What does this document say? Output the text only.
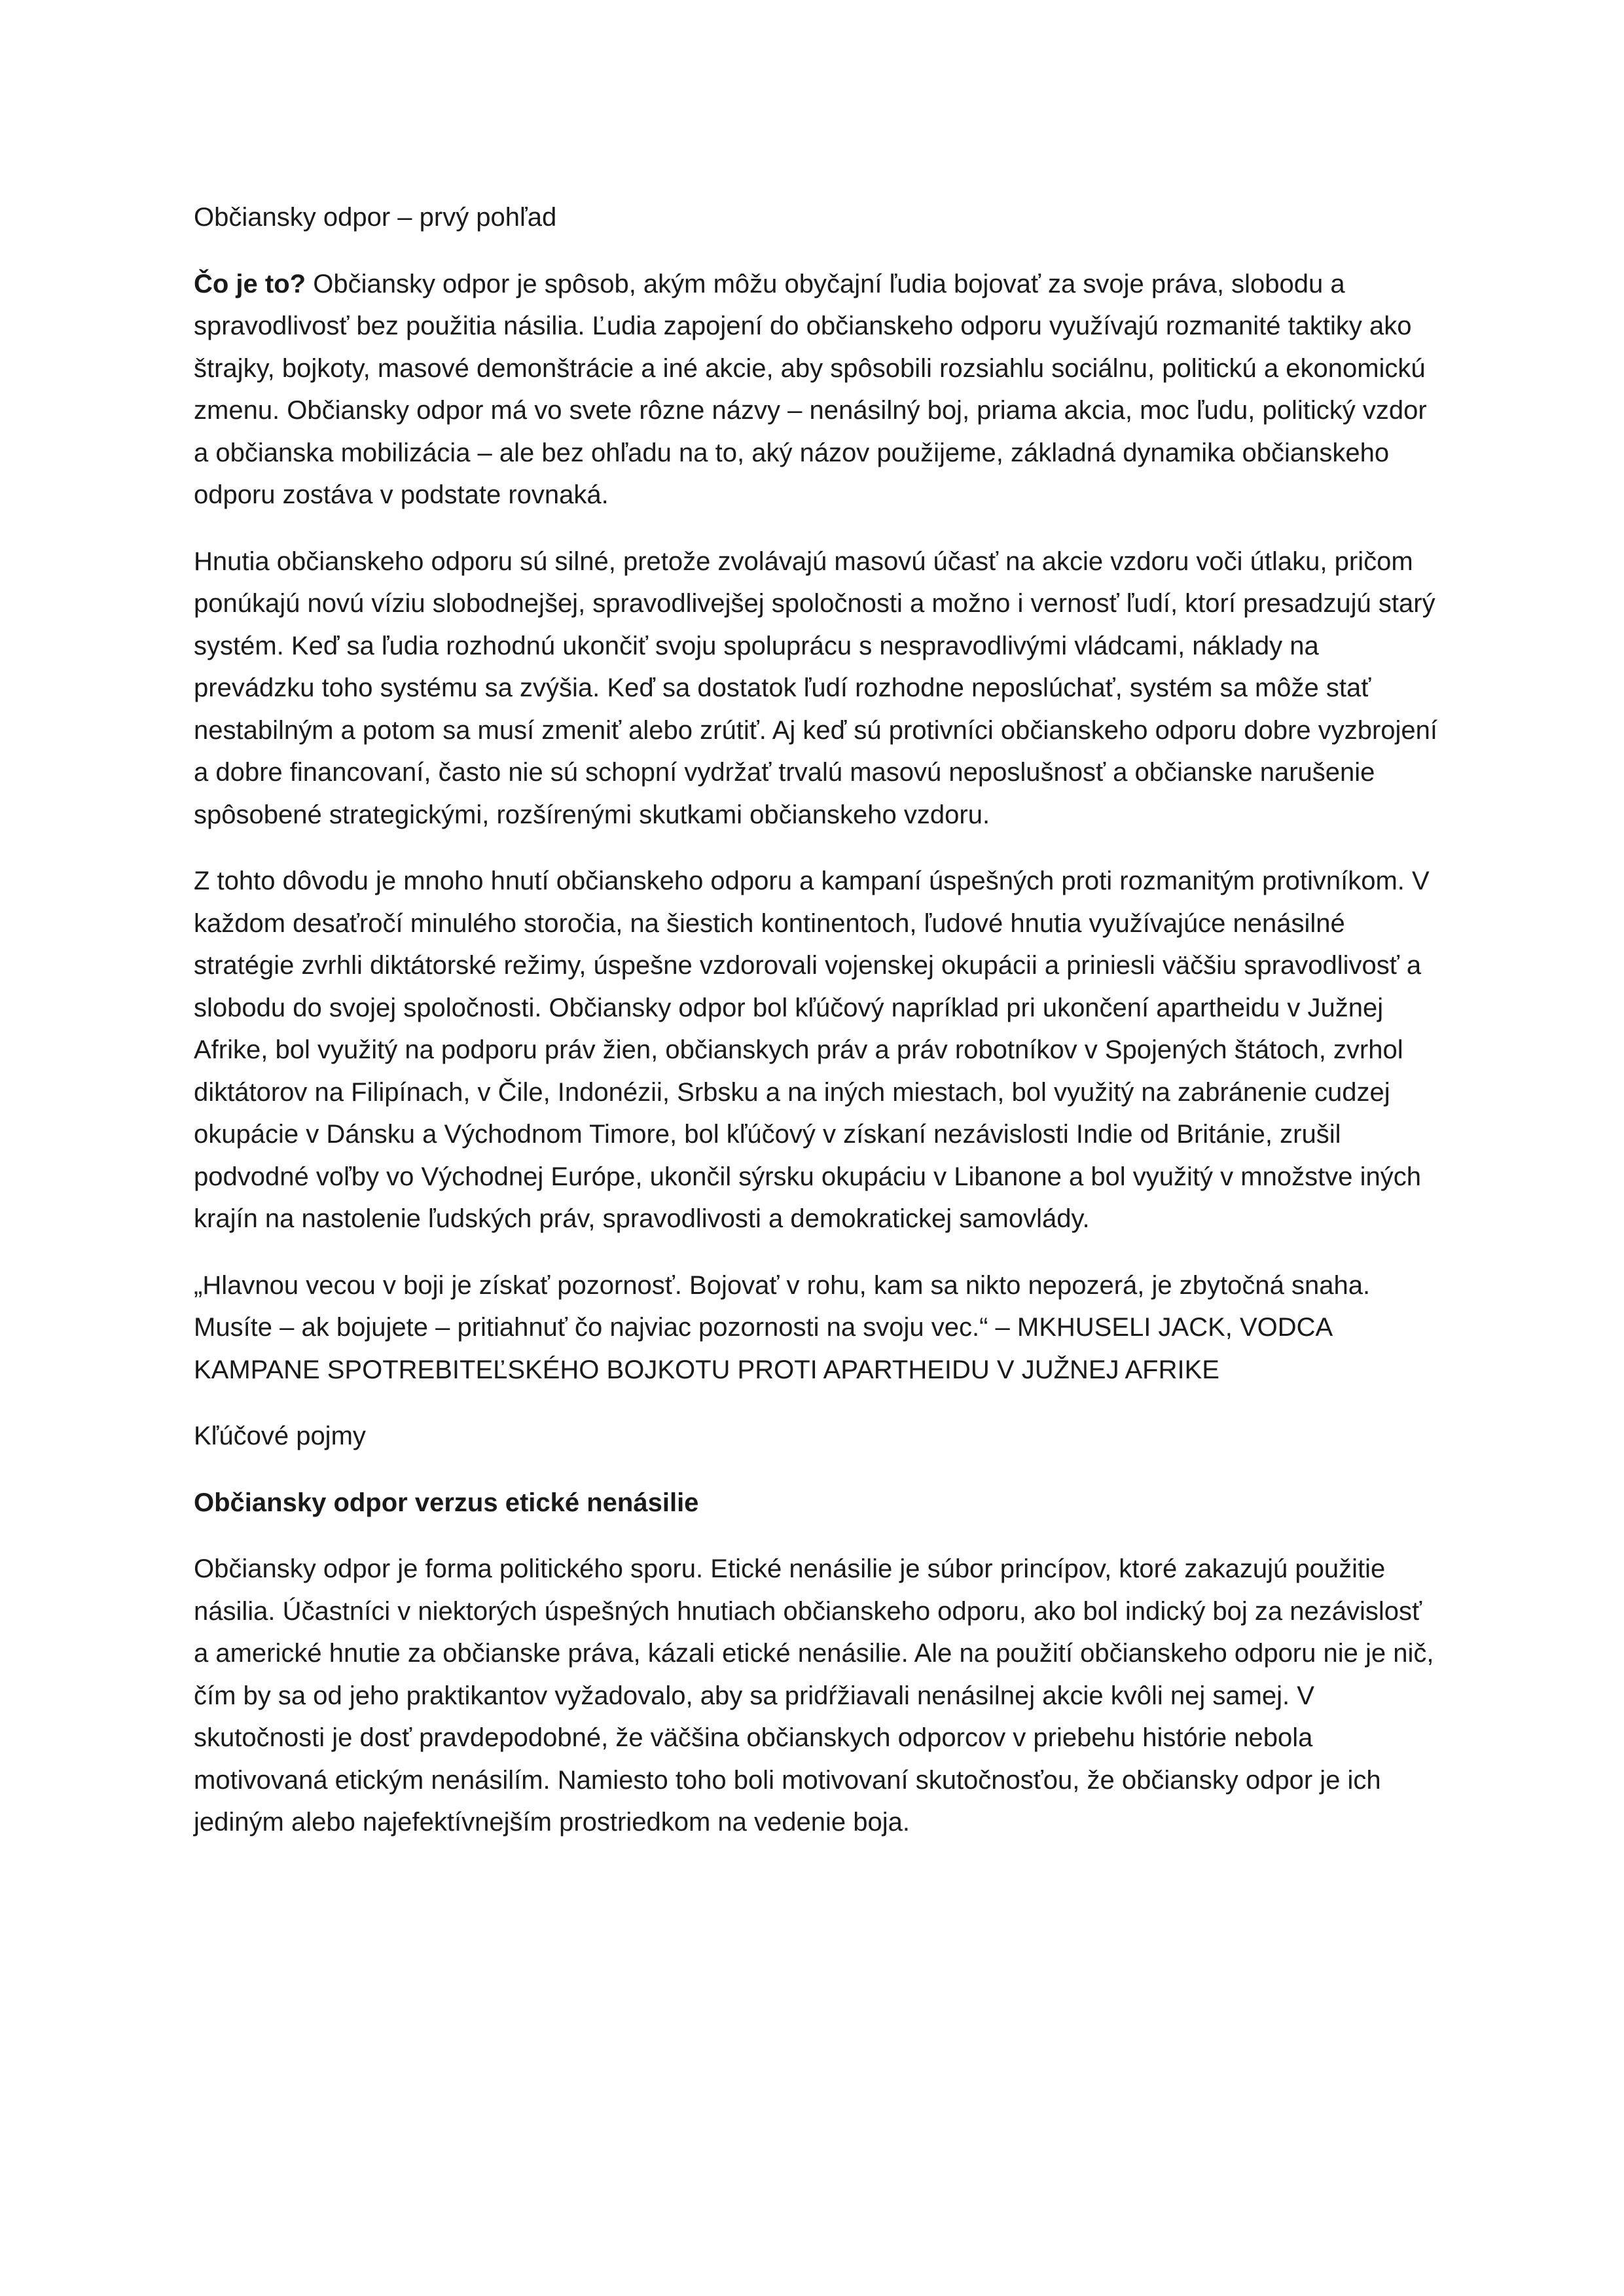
Občiansky odpor – prvý pohľad

Čo je to? Občiansky odpor je spôsob, akým môžu obyčajní ľudia bojovať za svoje práva, slobodu a spravodlivosť bez použitia násilia. Ľudia zapojení do občianskeho odporu využívajú rozmanité taktiky ako štrajky, bojkoty, masové demonštrácie a iné akcie, aby spôsobili rozsiahlu sociálnu, politickú a ekonomickú zmenu. Občiansky odpor má vo svete rôzne názvy – nenásilný boj, priama akcia, moc ľudu, politický vzdor a občianska mobilizácia – ale bez ohľadu na to, aký názov použijeme, základná dynamika občianskeho odporu zostáva v podstate rovnaká.

Hnutia občianskeho odporu sú silné, pretože zvolávajú masovú účasť na akcie vzdoru voči útlaku, pričom ponúkajú novú víziu slobodnejšej, spravodlivejšej spoločnosti a možno i vernosť ľudí, ktorí presadzujú starý systém. Keď sa ľudia rozhodnú ukončiť svoju spoluprácu s nespravodlivými vládcami, náklady na prevádzku toho systému sa zvýšia. Keď sa dostatok ľudí rozhodne neposlúchať, systém sa môže stať nestabilným a potom sa musí zmeniť alebo zrútiť. Aj keď sú protivníci občianskeho odporu dobre vyzbrojení a dobre financovaní, často nie sú schopní vydržať trvalú masovú neposlušnosť a občianske narušenie spôsobené strategickými, rozšírenými skutkami občianskeho vzdoru.

Z tohto dôvodu je mnoho hnutí občianskeho odporu a kampaní úspešných proti rozmanitým protivníkom. V každom desaťročí minulého storočia, na šiestich kontinentoch, ľudové hnutia využívajúce nenásilné stratégie zvrhli diktátorské režimy, úspešne vzdorovali vojenskej okupácii a priniesli väčšiu spravodlivosť a slobodu do svojej spoločnosti. Občiansky odpor bol kľúčový napríklad pri ukončení apartheidu v Južnej Afrike, bol využitý na podporu práv žien, občianskych práv a práv robotníkov v Spojených štátoch, zvrhol diktátorov na Filipínach, v Čile, Indonézii, Srbsku a na iných miestach, bol využitý na zabránenie cudzej okupácie v Dánsku a Východnom Timore, bol kľúčový v získaní nezávislosti Indie od Británie, zrušil podvodné voľby vo Východnej Európe, ukončil sýrsku okupáciu v Libanone a bol využitý v množstve iných krajín na nastolenie ľudských práv, spravodlivosti a demokratickej samovlády.

„Hlavnou vecou v boji je získať pozornosť. Bojovať v rohu, kam sa nikto nepozerá, je zbytočná snaha. Musíte – ak bojujete – pritiahnuť čo najviac pozornosti na svoju vec.“ – MKHUSELI JACK, VODCA KAMPANE SPOTREBITEĽSKÉHO BOJKOTU PROTI APARTHEIDU V JUŽNEJ AFRIKE

Kľúčové pojmy

Občiansky odpor verzus etické nenásilie

Občiansky odpor je forma politického sporu. Etické nenásilie je súbor princípov, ktoré zakazujú použitie násilia. Účastníci v niektorých úspešných hnutiach občianskeho odporu, ako bol indický boj za nezávislosť a americké hnutie za občianske práva, kázali etické nenásilie. Ale na použití občianskeho odporu nie je nič, čím by sa od jeho praktikantov vyžadovalo, aby sa pridŕžiavali nenásilnej akcie kvôli nej samej. V skutočnosti je dosť pravdepodobné, že väčšina občianskych odporcov v priebehu histórie nebola motivovaná etickým nenásilím. Namiesto toho boli motivovaní skutočnosťou, že občiansky odpor je ich jediným alebo najefektívnejším prostriedkom na vedenie boja.
